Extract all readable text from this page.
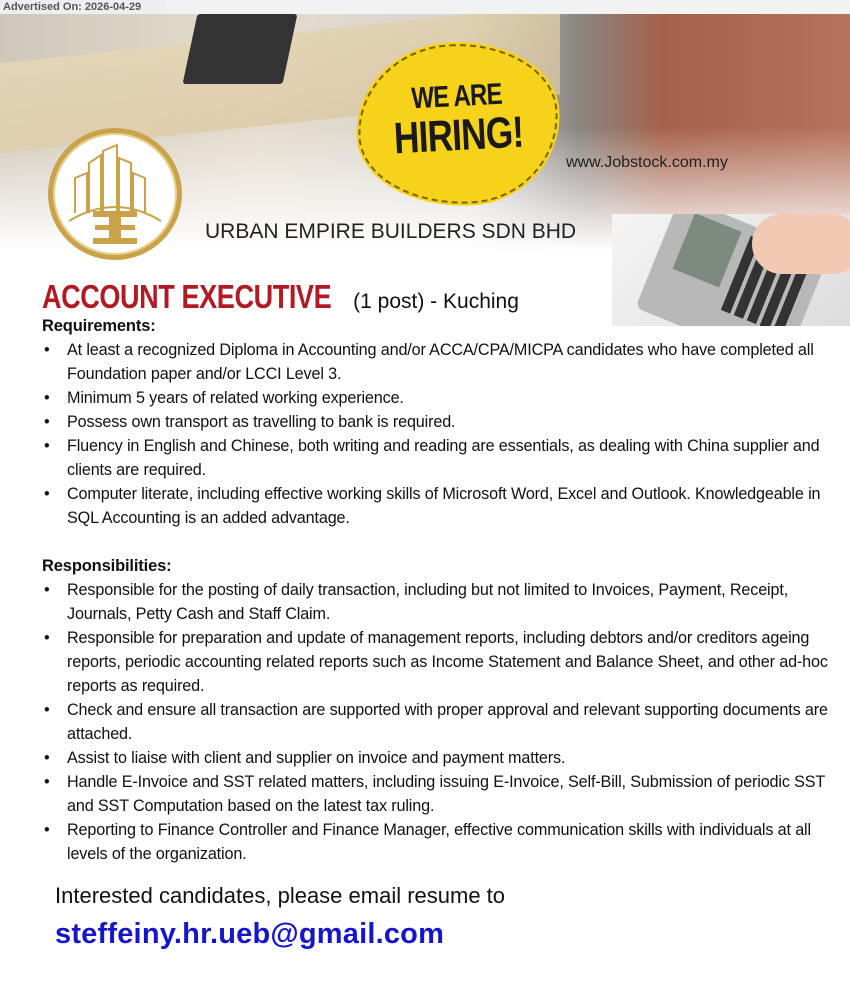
Advertised On: 2026-04-29
WE ARE
HIRING!	www.Jobstock.com.my
URBAN EMPIRE BUILDERS SDN BHD
ACCOUNT EXECUTIVE (1 post) - Kuching
Requirements:
• At least a recognized Diploma in Accounting and/or ACCA/CPA/MICPA candidates who have completed all Foundation paper and/or LCCI Level 3.
• Minimum 5 years of related working experience.
• Possess own transport as travelling to bank is required.
• Fluency in English and Chinese, both writing and reading are essentials, as dealing with China supplier and clients are required.
• Computer literate, including effective working skills of Microsoft Word, Excel and Outlook. Knowledgeable in SQL Accounting is an added advantage.
Responsibilities:
• Responsible for the posting of daily transaction, including but not limited to Invoices, Payment, Receipt, Journals, Petty Cash and Staff Claim.
• Responsible for preparation and update of management reports, including debtors and/or creditors ageing reports, periodic accounting related reports such as Income Statement and Balance Sheet, and other ad-hoc reports as required.
• Check and ensure all transaction are supported with proper approval and relevant supporting documents are attached.
• Assist to liaise with client and supplier on invoice and payment matters.
• Handle E-Invoice and SST related matters, including issuing E-Invoice, Self-Bill, Submission of periodic SST and SST Computation based on the latest tax ruling.
• Reporting to Finance Controller and Finance Manager, effective communication skills with individuals at all levels of the organization.
Interested candidates, please email resume to
steffeiny.hr.ueb@gmail.com
